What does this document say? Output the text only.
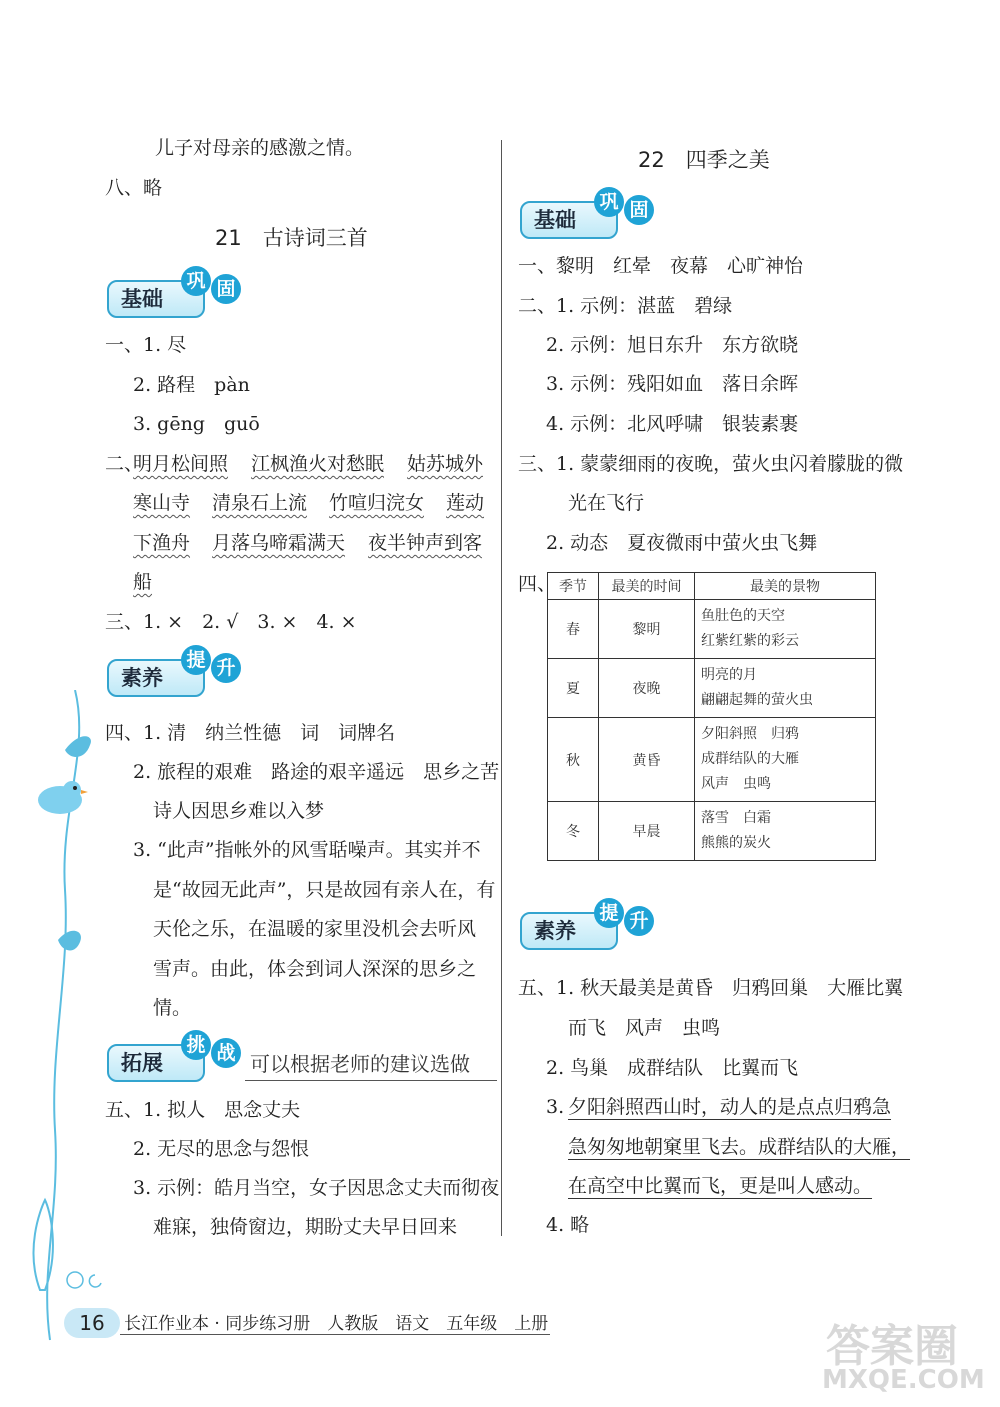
儿子对母亲的感激之情。
八、略
21　古诗词三首
基础
巩 固
一、1. 尽
2. 路程　pàn
3. gēng　guō
二、
明月松间照 江枫渔火对愁眠 姑苏城外
寒山寺 清泉石上流 竹喧归浣女 莲动
下渔舟 月落乌啼霜满天 夜半钟声到客
船
三、1. ×　2. √　3. ×　4. ×
素养
提 升
四、1. 清　纳兰性德　词　词牌名
2. 旅程的艰难　路途的艰辛遥远　思乡之苦
诗人因思乡难以入梦
3. “此声”指帐外的风雪聒噪声。其实并不
是“故园无此声”，只是故园有亲人在，有
天伦之乐，在温暖的家里没机会去听风
雪声。由此，体会到词人深深的思乡之
情。
拓展
挑 战 可以根据老师的建议选做
五、1. 拟人　思念丈夫
2. 无尽的思念与怨恨
3. 示例：皓月当空，女子因思念丈夫而彻夜
难寐，独倚窗边，期盼丈夫早日回来
22　四季之美
基础
巩 固
一、黎明　红晕　夜幕　心旷神怡
二、1. 示例：湛蓝　碧绿
2. 示例：旭日东升　东方欲晓
3. 示例：残阳如血　落日余晖
4. 示例：北风呼啸　银装素裹
三、1. 蒙蒙细雨的夜晚，萤火虫闪着朦胧的微
光在飞行
2. 动态　夏夜微雨中萤火虫飞舞
四、 季节	最美的时间	最美的景物
春	黎明	鱼肚色的天空
红紫红紫的彩云

夏	夜晚	明亮的月
翩翩起舞的萤火虫

秋	黄昏	夕阳斜照　归鸦
成群结队的大雁
风声　虫鸣

冬	早晨	落雪　白霜
熊熊的炭火
素养
提 升
五、1. 秋天最美是黄昏　归鸦回巢　大雁比翼
而飞　风声　虫鸣
2. 鸟巢　成群结队　比翼而飞
3. 夕阳斜照西山时，动人的是点点归鸦急
急匆匆地朝窠里飞去。成群结队的大雁，
在高空中比翼而飞，更是叫人感动。
4. 略
16	长江作业本 · 同步练习册　人教版　语文　五年级　上册	答案圈
MXQE.COM
